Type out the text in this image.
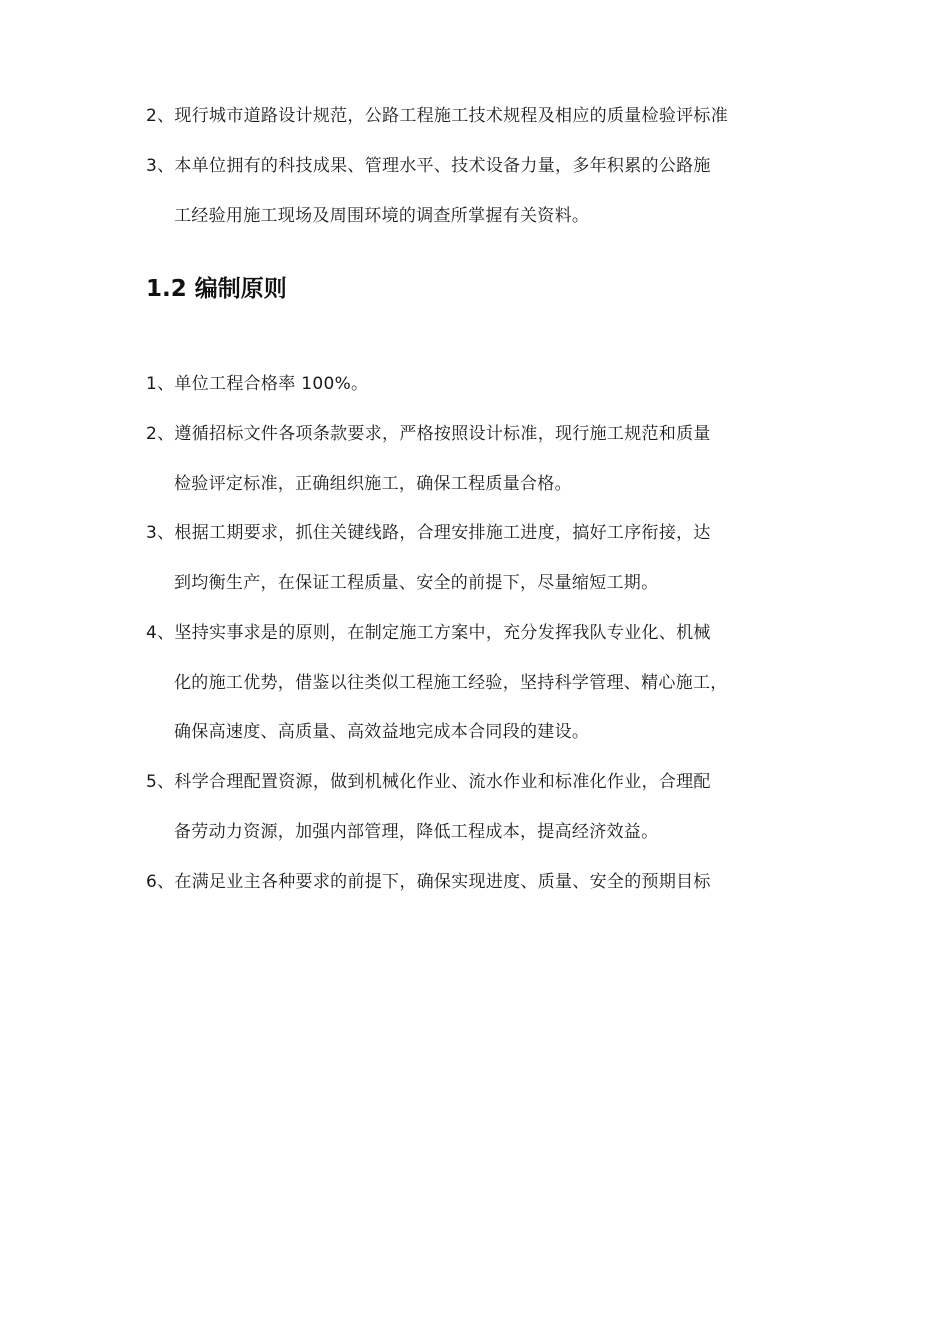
2、现行城市道路设计规范，公路工程施工技术规程及相应的质量检验评标准
3、本单位拥有的科技成果、管理水平、技术设备力量，多年积累的公路施
工经验用施工现场及周围环境的调查所掌握有关资料。
1.2 编制原则
1、单位工程合格率 100%。
2、遵循招标文件各项条款要求，严格按照设计标准，现行施工规范和质量
检验评定标准，正确组织施工，确保工程质量合格。
3、根据工期要求，抓住关键线路，合理安排施工进度，搞好工序衔接，达
到均衡生产，在保证工程质量、安全的前提下，尽量缩短工期。
4、坚持实事求是的原则，在制定施工方案中，充分发挥我队专业化、机械
化的施工优势，借鉴以往类似工程施工经验，坚持科学管理、精心施工，
确保高速度、高质量、高效益地完成本合同段的建设。
5、科学合理配置资源，做到机械化作业、流水作业和标准化作业，合理配
备劳动力资源，加强内部管理，降低工程成本，提高经济效益。
6、在满足业主各种要求的前提下，确保实现进度、质量、安全的预期目标
